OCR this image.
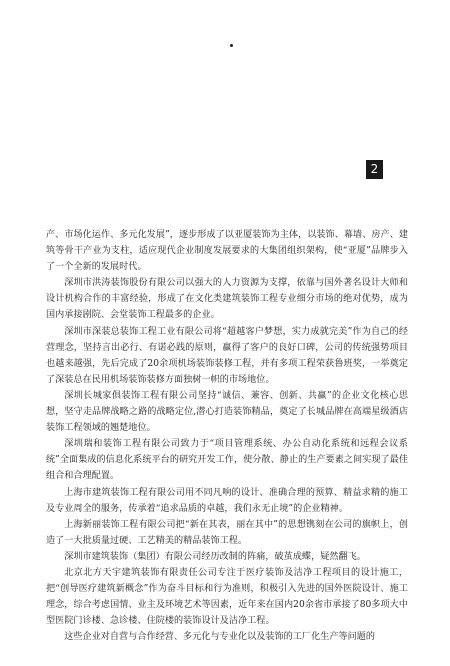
2

产、市场化运作、多元化发展”，逐步形成了以亚厦装饰为主体，以装饰、幕墙、房产、建筑等骨干产业为支柱，适应现代企业制度发展要求的大集团组织架构，使“亚厦”品牌步入了一个全新的发展时代。

深圳市洪涛装饰股份有限公司以强大的人力资源为支撑，依靠与国外著名设计大师和设计机构合作的丰富经验，形成了在文化类建筑装饰工程专业细分市场的绝对优势，成为国内承接剧院、会堂装饰工程最多的企业。

深圳市深装总装饰工程工业有限公司将“超越客户梦想，实力成就完美”作为自己的经营理念，坚持言出必行、有诺必践的原则，赢得了客户的良好口碑，公司的传统强势项目也越来越强，先后完成了20余项机场装饰装修工程，并有多项工程荣获鲁班奖，一举奠定了深装总在民用机场装饰装修方面独树一帜的市场地位。

深圳长城家俱装饰工程有限公司坚持“诚信、兼容、创新、共赢”的企业文化核心思想，坚守走品牌战略之路的战略定位,潜心打造装饰精品，奠定了长城品牌在高端星级酒店装饰工程领域的翘楚地位。

深圳瑞和装饰工程有限公司致力于“项目管理系统、办公自动化系统和远程会议系统”全面集成的信息化系统平台的研究开发工作，使分散、静止的生产要素之间实现了最佳组合和合理配置。

上海市建筑装饰工程有限公司用不同凡响的设计、准确合理的预算、精益求精的施工及专业周全的服务，传承着“追求品质的卓越，我们永无止境”的企业精神。

上海新丽装饰工程有限公司把“新在其表，丽在其中”的思想镌刻在公司的旗帜上，创造了一大批质量过硬、工艺精美的精品装饰工程。

深圳市建筑装饰（集团）有限公司经历改制的阵痛，破茧成蝶，疑然翻飞。

北京北方天宇建筑装饰有限责任公司专注于医疗装饰及洁净工程项目的设计施工，把“创导医疗建筑新概念”作为奋斗目标和行为准则，积极引入先进的国外医院设计、施工理念，综合考虑国情、业主及环境艺术等因素，近年来在国内20余省市承接了80多项大中型医院门诊楼、急诊楼、住院楼的装饰设计及洁净工程。

这些企业对自营与合作经营、多元化与专业化以及装饰的工厂化生产等问题的
